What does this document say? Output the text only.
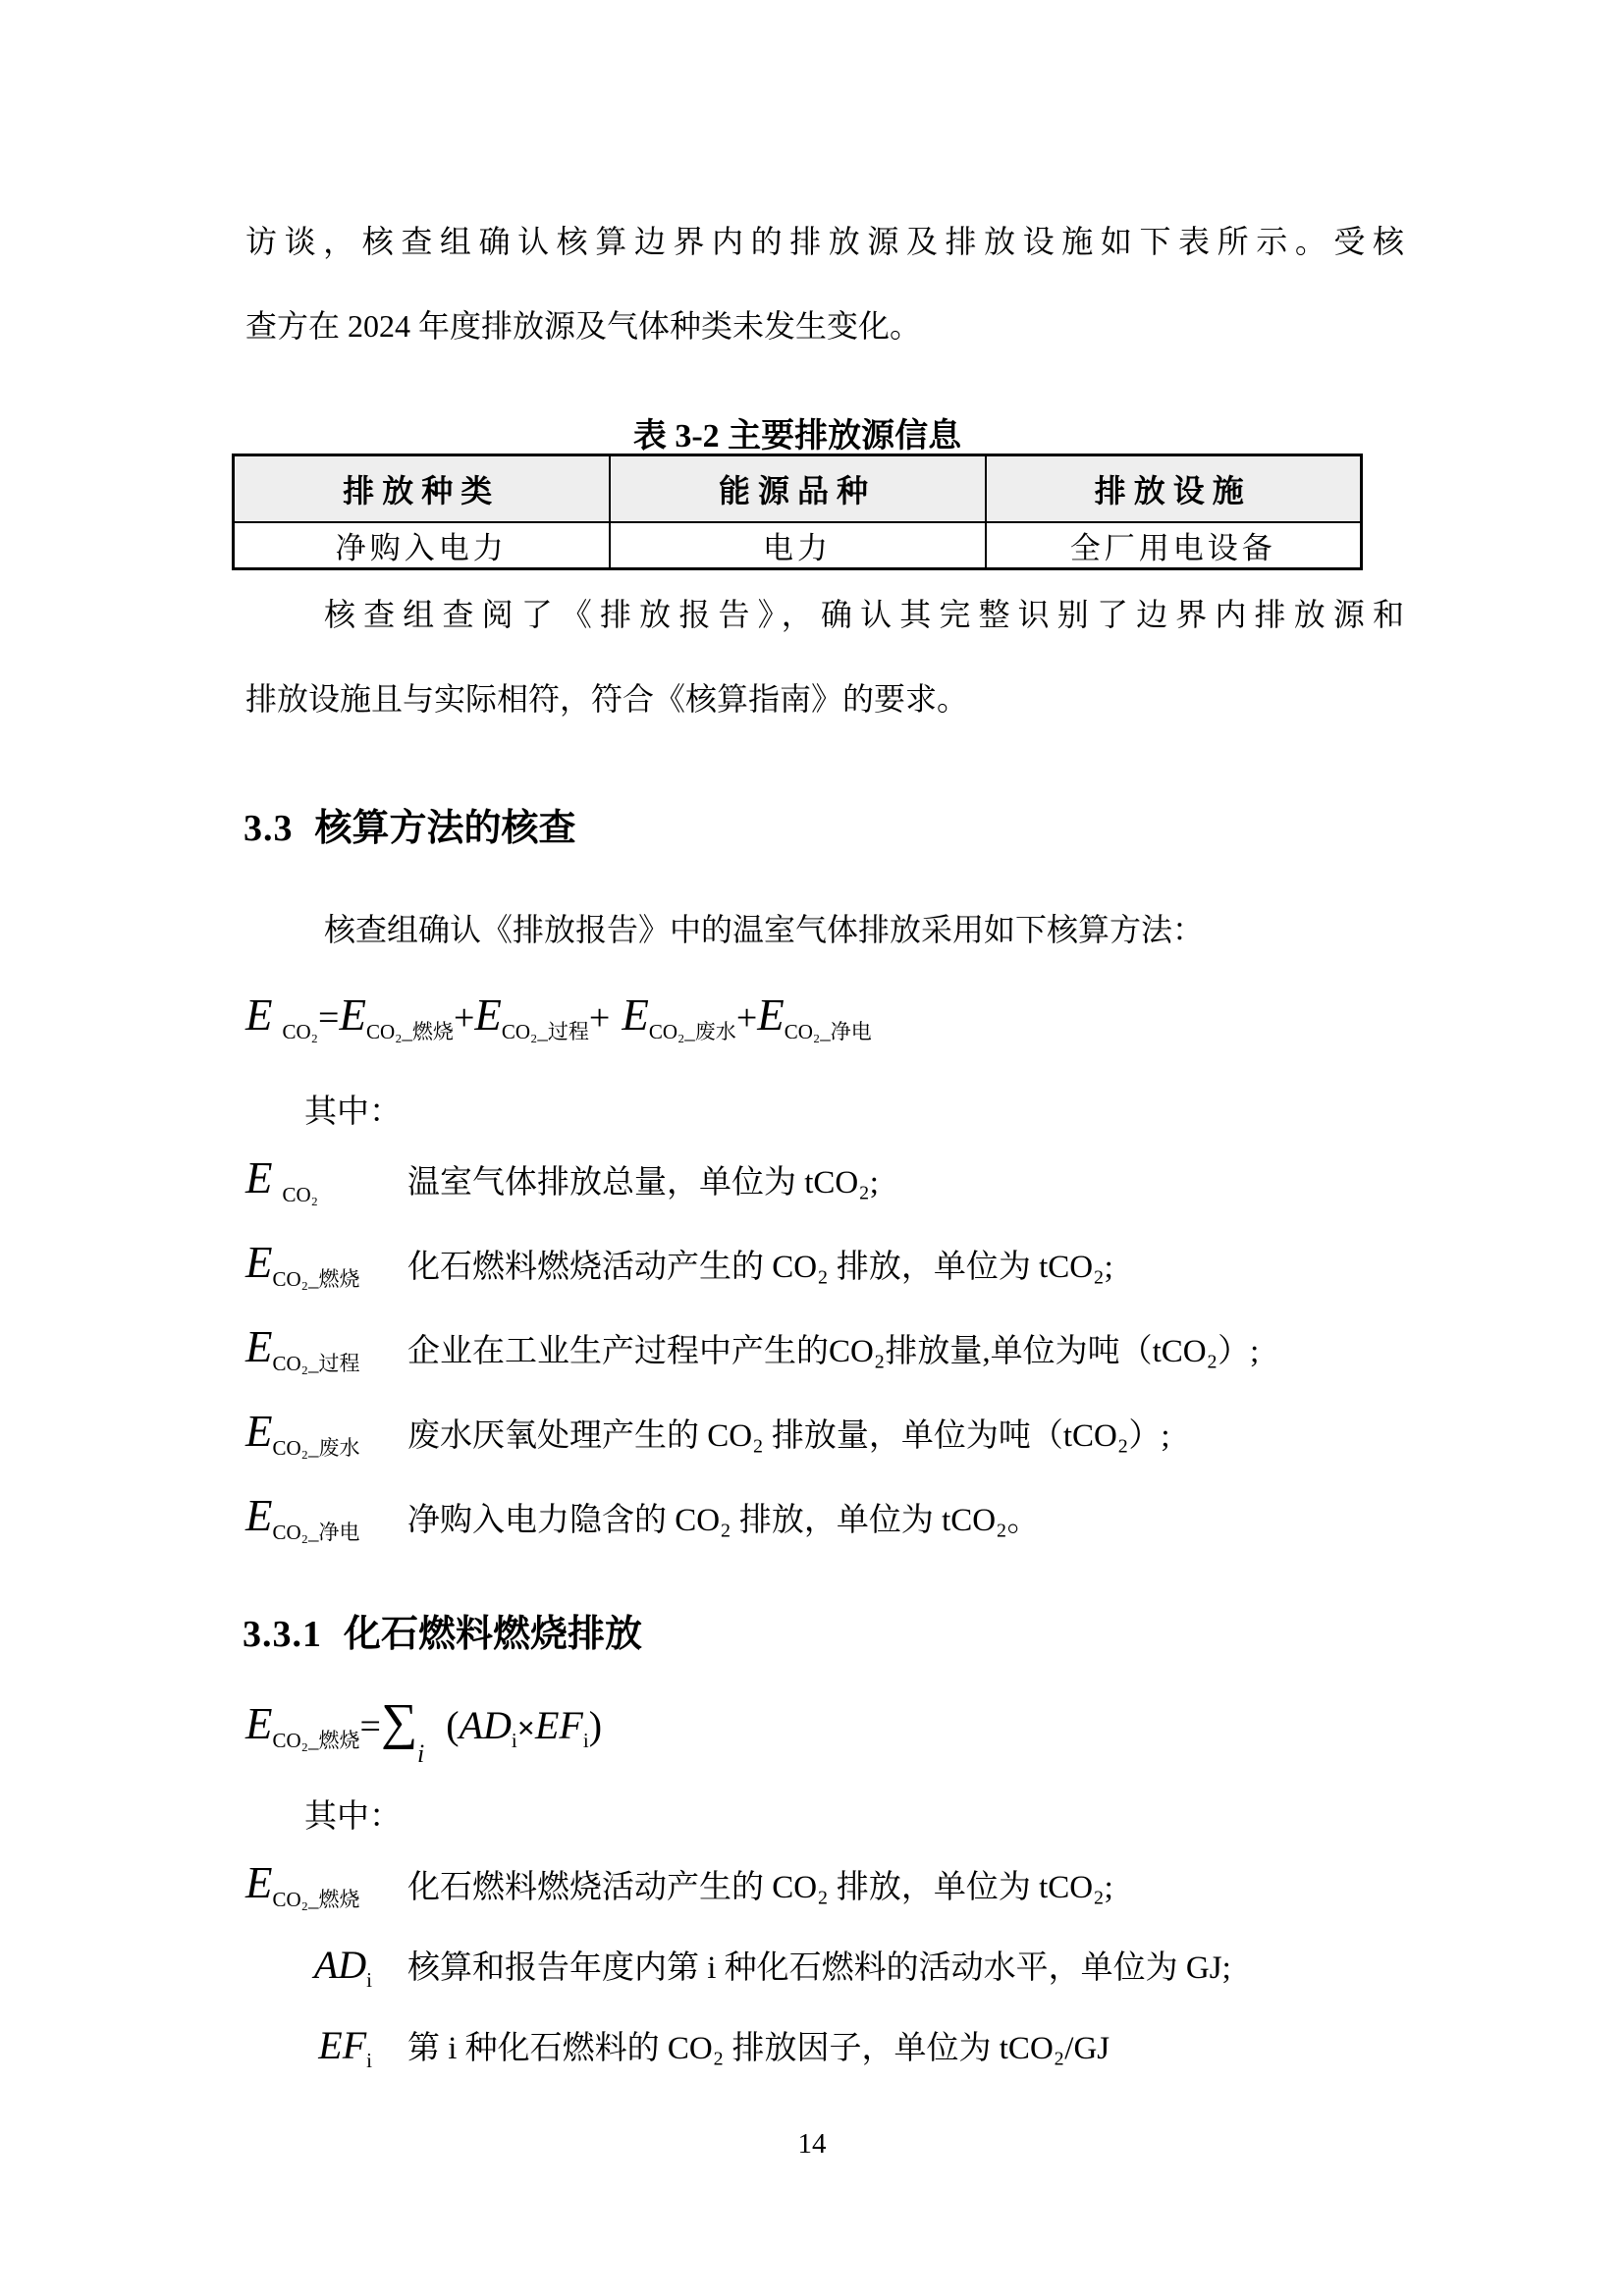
访谈，核查组确认核算边界内的排放源及排放设施如下表所示。受核
查方在 2024 年度排放源及气体种类未发生变化。
表 3-2 主要排放源信息
排放种类	能源品种	排放设施
净购入电力	电力	全厂用电设备
核查组查阅了《排放报告》，确认其完整识别了边界内排放源和
排放设施且与实际相符，符合《核算指南》的要求。
3.3 核算方法的核查
核查组确认《排放报告》中的温室气体排放采用如下核算方法：
ECO₂=ECO₂_燃烧+ECO₂_过程+ ECO₂_废水+ECO₂_净电
其中：
E $_{CO_2}$	温室气体排放总量，单位为 tCO₂;
$E_{CO_2\_燃烧}$ 化石燃料燃烧活动产生的 CO₂ 排放，单位为 tCO₂;
$E_{CO_2\_过程}$ 企业在工业生产过程中产生的CO₂排放量,单位为吨（tCO₂）;
$E_{CO_2\_废水}$ 废水厌氧处理产生的 CO₂ 排放量，单位为吨（tCO₂）;
$E_{CO_2\_净电}$ 净购入电力隐含的 CO₂ 排放，单位为 tCO₂。
3.3.1 化石燃料燃烧排放
ECO₂_燃烧=∑i(ADi×EFi)
其中：
$E_{CO_2\_燃烧}$ 化石燃料燃烧活动产生的 CO₂ 排放，单位为 tCO₂;
$AD_i$ 核算和报告年度内第 i 种化石燃料的活动水平，单位为 GJ;
$EF_i$ 第 i 种化石燃料的 CO₂ 排放因子，单位为 tCO₂/GJ
14
